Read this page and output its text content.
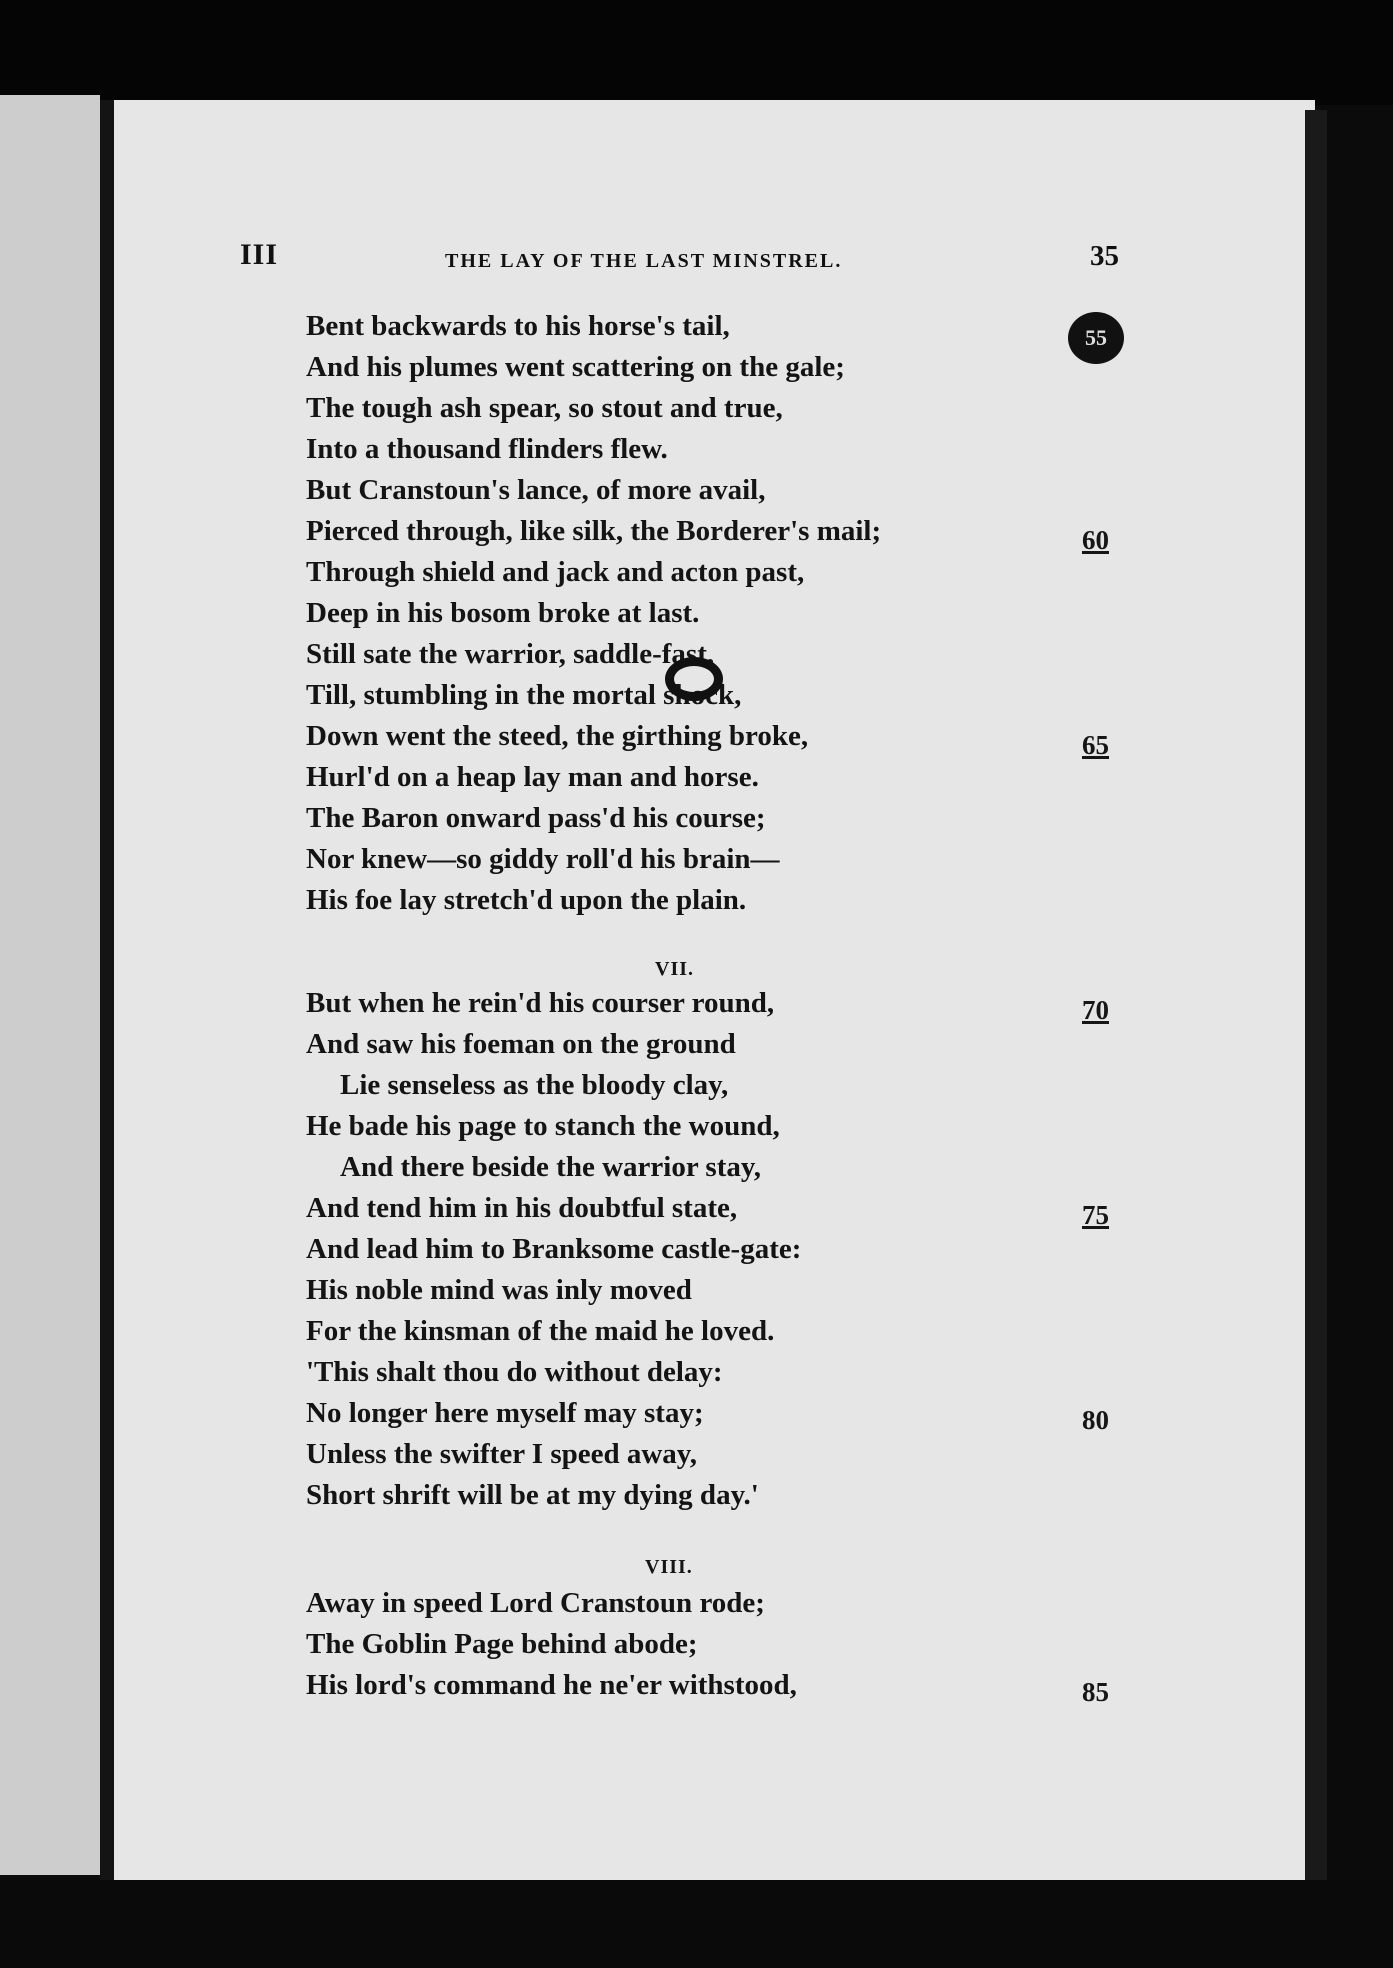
III	THE LAY OF THE LAST MINSTREL.	35
Bent backwards to his horse's tail,
And his plumes went scattering on the gale;
The tough ash spear, so stout and true,
Into a thousand flinders flew.
But Cranstoun's lance, of more avail,
Pierced through, like silk, the Borderer's mail;
Through shield and jack and acton past,
Deep in his bosom broke at last.
Still sate the warrior, saddle-fast,
Till, stumbling in the mortal shock,
Down went the steed, the girthing broke,
Hurl'd on a heap lay man and horse.
The Baron onward pass'd his course;
Nor knew—so giddy roll'd his brain—
His foe lay stretch'd upon the plain.
VII.
But when he rein'd his courser round,
And saw his foeman on the ground
Lie senseless as the bloody clay,
He bade his page to stanch the wound,
And there beside the warrior stay,
And tend him in his doubtful state,
And lead him to Branksome castle-gate:
His noble mind was inly moved
For the kinsman of the maid he loved.
'This shalt thou do without delay:
No longer here myself may stay;
Unless the swifter I speed away,
Short shrift will be at my dying day.'
VIII.
Away in speed Lord Cranstoun rode;
The Goblin Page behind abode;
His lord's command he ne'er withstood,
55
60
65
70
75
80
85
